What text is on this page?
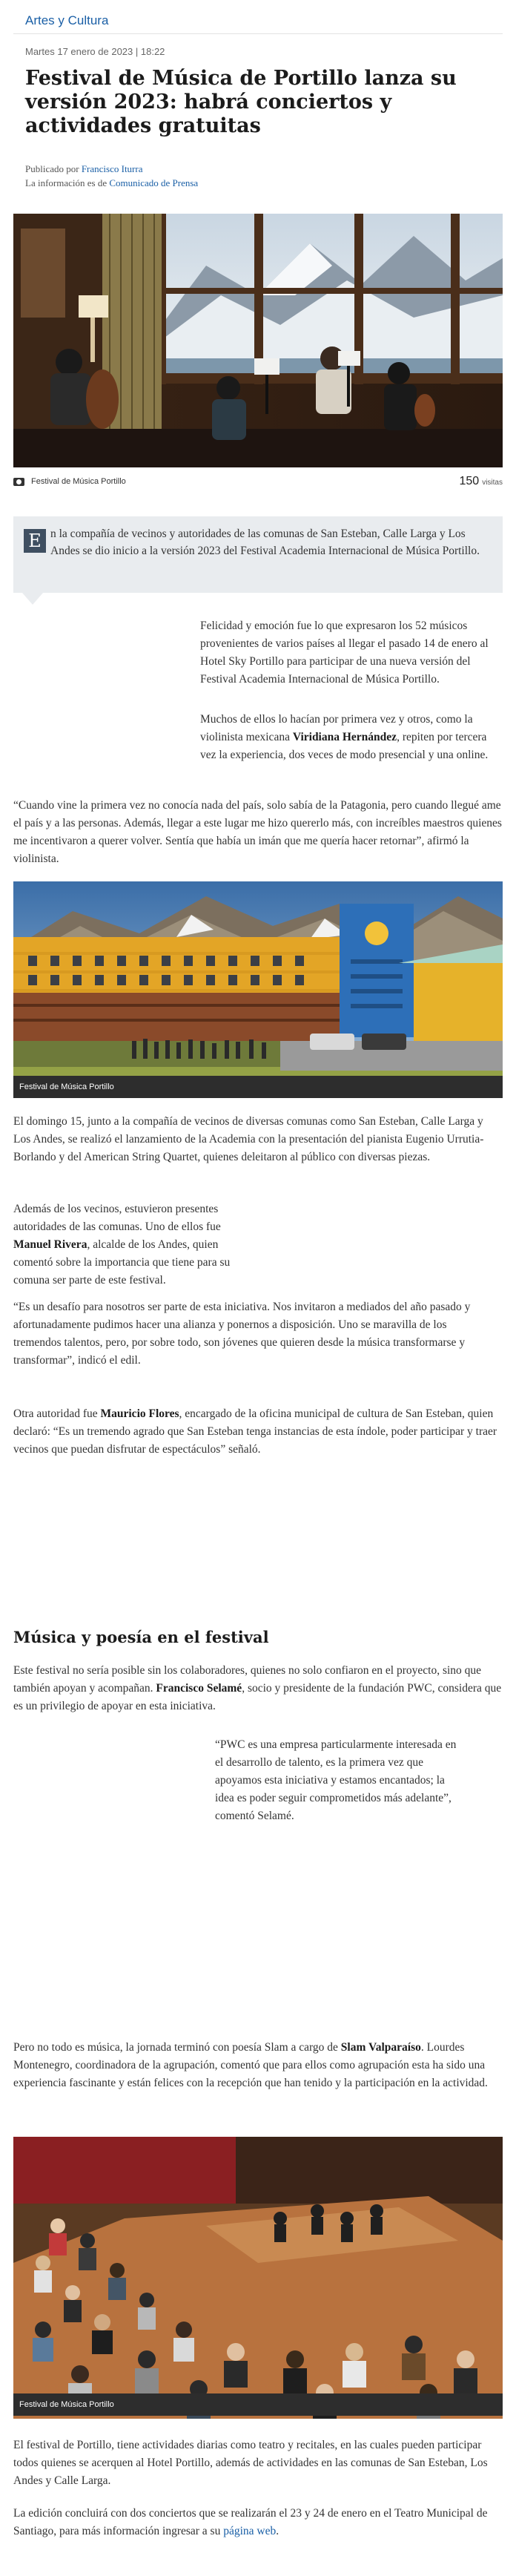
Artes y Cultura
Martes 17 enero de 2023 | 18:22
Festival de Música de Portillo lanza su versión 2023: habrá conciertos y actividades gratuitas
Publicado por Francisco Iturra
La información es de Comunicado de Prensa
Festival de Música Portillo	150 visitas
E n la compañía de vecinos y autoridades de las comunas de San Esteban, Calle Larga y Los Andes se dio inicio a la versión 2023 del Festival Academia Internacional de Música Portillo.
Felicidad y emoción fue lo que expresaron los 52 músicos provenientes de varios países al llegar el pasado 14 de enero al Hotel Sky Portillo para participar de una nueva versión del Festival Academia Internacional de Música Portillo.
Muchos de ellos lo hacían por primera vez y otros, como la violinista mexicana Viridiana Hernández, repiten por tercera vez la experiencia, dos veces de modo presencial y una online.
“Cuando vine la primera vez no conocía nada del país, solo sabía de la Patagonia, pero cuando llegué ame el país y a las personas. Además, llegar a este lugar me hizo quererlo más, con increíbles maestros quienes me incentivaron a querer volver. Sentía que había un imán que me quería hacer retornar”, afirmó la violinista.
Festival de Música Portillo
El domingo 15, junto a la compañía de vecinos de diversas comunas como San Esteban, Calle Larga y Los Andes, se realizó el lanzamiento de la Academia con la presentación del pianista Eugenio Urrutia-Borlando y del American String Quartet, quienes deleitaron al público con diversas piezas.
Además de los vecinos, estuvieron presentes autoridades de las comunas. Uno de ellos fue Manuel Rivera, alcalde de los Andes, quien comentó sobre la importancia que tiene para su comuna ser parte de este festival.
“Es un desafío para nosotros ser parte de esta iniciativa. Nos invitaron a mediados del año pasado y afortunadamente pudimos hacer una alianza y ponernos a disposición. Uno se maravilla de los tremendos talentos, pero, por sobre todo, son jóvenes que quieren desde la música transformarse y transformar”, indicó el edil.
Otra autoridad fue Mauricio Flores, encargado de la oficina municipal de cultura de San Esteban, quien declaró: “Es un tremendo agrado que San Esteban tenga instancias de esta índole, poder participar y traer vecinos que puedan disfrutar de espectáculos” señaló.
Música y poesía en el festival
Este festival no sería posible sin los colaboradores, quienes no solo confiaron en el proyecto, sino que también apoyan y acompañan. Francisco Selamé, socio y presidente de la fundación PWC, considera que es un privilegio de apoyar en esta iniciativa.
“PWC es una empresa particularmente interesada en el desarrollo de talento, es la primera vez que apoyamos esta iniciativa y estamos encantados; la idea es poder seguir comprometidos más adelante”, comentó Selamé.
Pero no todo es música, la jornada terminó con poesía Slam a cargo de Slam Valparaíso. Lourdes Montenegro, coordinadora de la agrupación, comentó que para ellos como agrupación esta ha sido una experiencia fascinante y están felices con la recepción que han tenido y la participación en la actividad.
Festival de Música Portillo
El festival de Portillo, tiene actividades diarias como teatro y recitales, en las cuales pueden participar todos quienes se acerquen al Hotel Portillo, además de actividades en las comunas de San Esteban, Los Andes y Calle Larga.
La edición concluirá con dos conciertos que se realizarán el 23 y 24 de enero en el Teatro Municipal de Santiago, para más información ingresar a su página web.
